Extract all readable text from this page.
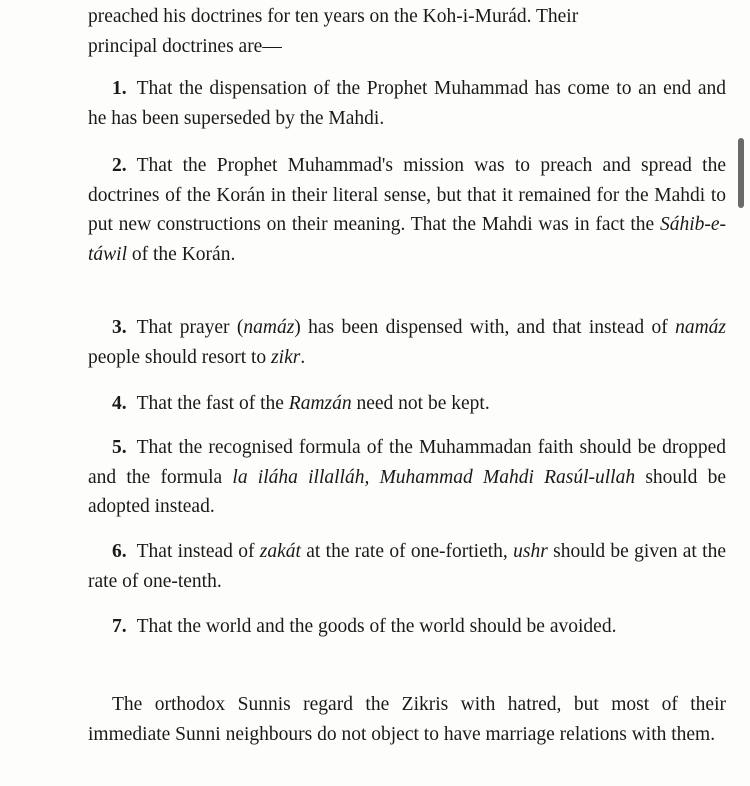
preached his doctrines for ten years on the Koh-i-Murád. Their
principal doctrines are—

1. That the dispensation of the Prophet Muhammad has come to an end and he has been superseded by the Mahdi.

2. That the Prophet Muhammad's mission was to preach and spread the doctrines of the Korán in their literal sense, but that it remained for the Mahdi to put new constructions on their meaning. That the Mahdi was in fact the Sáhib-e-táwil of the Korán.

3. That prayer (namáz) has been dispensed with, and that instead of namáz people should resort to zikr.

4. That the fast of the Ramzán need not be kept.

5. That the recognised formula of the Muhammadan faith should be dropped and the formula la iláha illalláh, Muhammad Mahdi Rasúl-ullah should be adopted instead.

6. That instead of zakát at the rate of one-fortieth, ushr should be given at the rate of one-tenth.

7. That the world and the goods of the world should be avoided.

The orthodox Sunnis regard the Zikris with hatred, but most of their immediate Sunni neighbours do not object to have marriage relations with them.
